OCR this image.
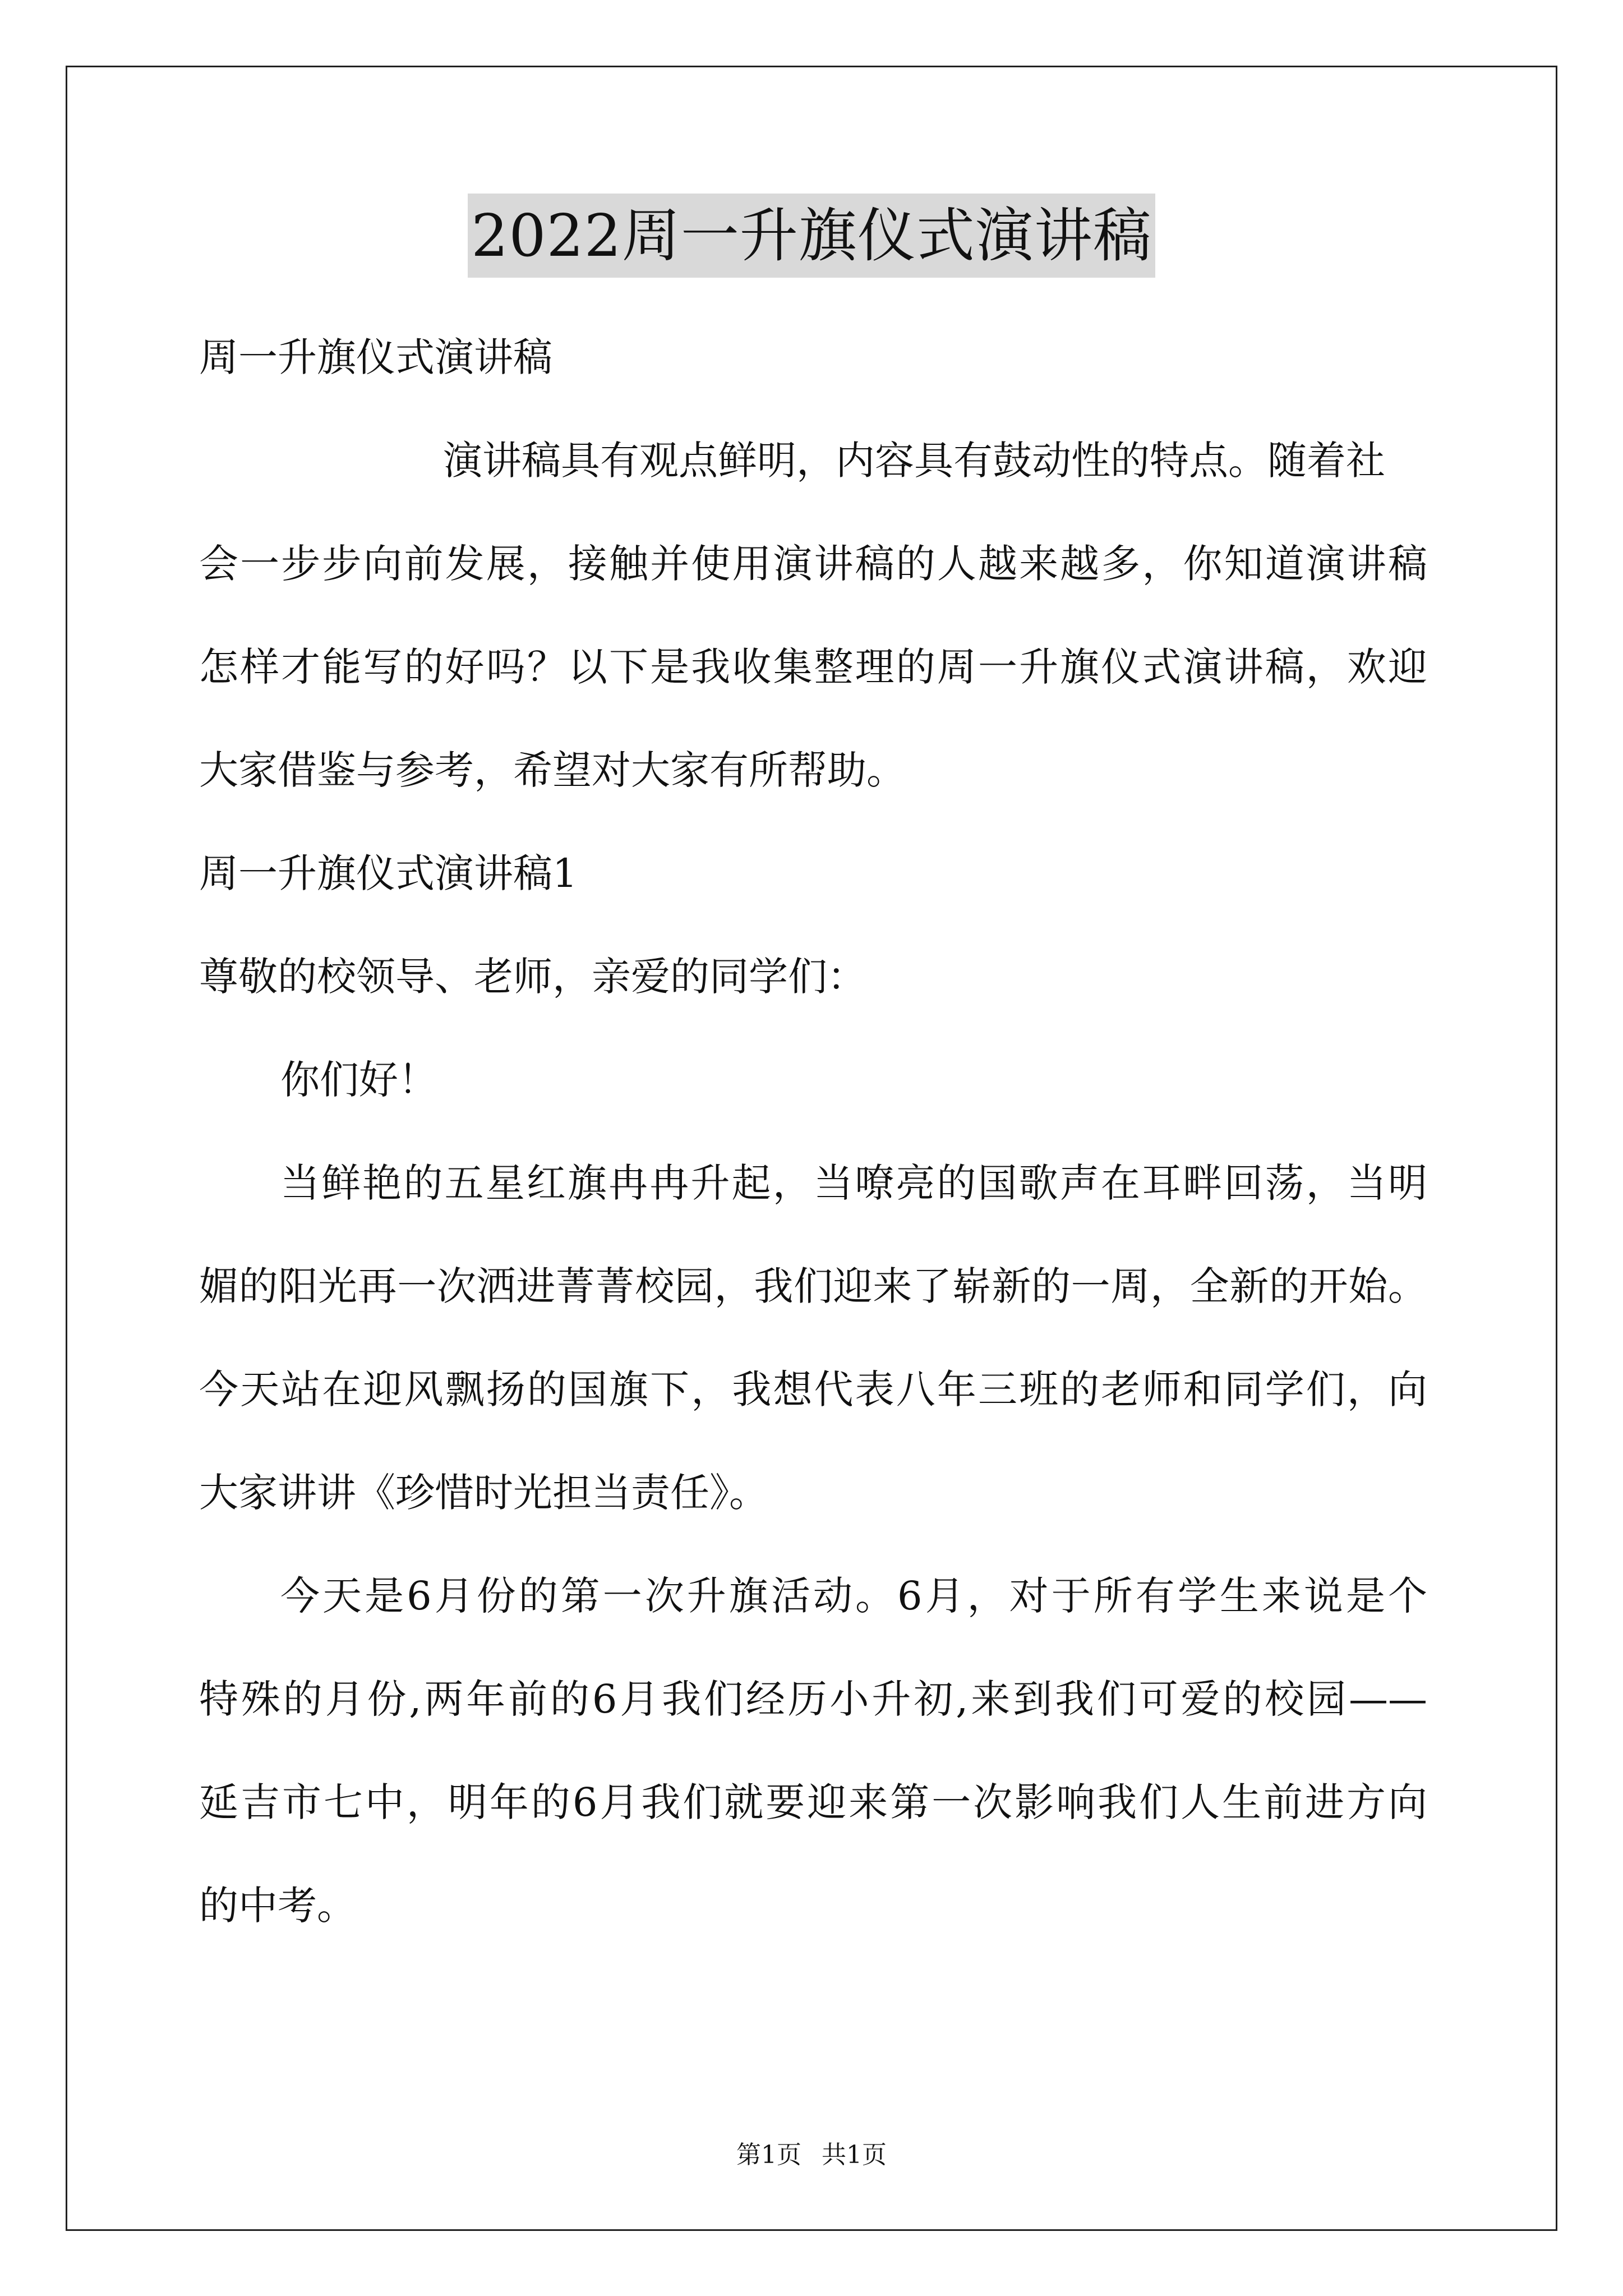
2022周一升旗仪式演讲稿
周一升旗仪式演讲稿
演讲稿具有观点鲜明，内容具有鼓动性的特点。随着社
会一步步向前发展，接触并使用演讲稿的人越来越多，你知道演讲稿
怎样才能写的好吗？以下是我收集整理的周一升旗仪式演讲稿，欢迎
大家借鉴与参考，希望对大家有所帮助。
周一升旗仪式演讲稿1
尊敬的校领导、老师，亲爱的同学们：
你们好！
当鲜艳的五星红旗冉冉升起，当嘹亮的国歌声在耳畔回荡，当明
媚的阳光再一次洒进菁菁校园，我们迎来了崭新的一周，全新的开始。
今天站在迎风飘扬的国旗下，我想代表八年三班的老师和同学们，向
大家讲讲《珍惜时光担当责任》。
今天是6月份的第一次升旗活动。6月，对于所有学生来说是个
特殊的月份,两年前的6月我们经历小升初,来到我们可爱的校园——
延吉市七中，明年的6月我们就要迎来第一次影响我们人生前进方向
的中考。
第1页 共1页
